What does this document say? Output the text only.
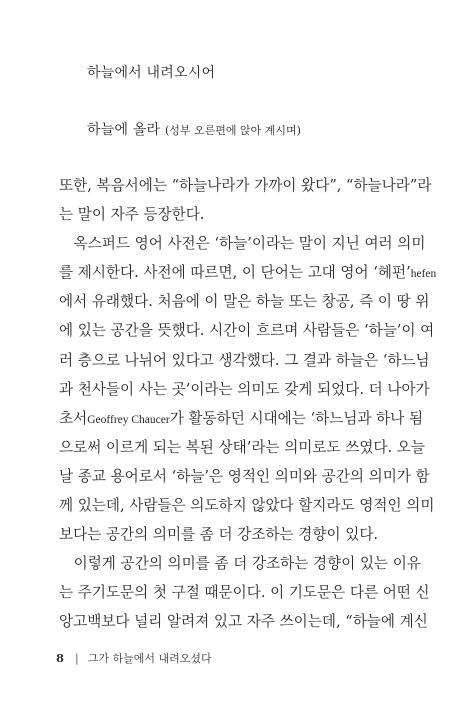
하늘에서 내려오시어
하늘에 올라 (성부 오른편에 앉아 계시며)
또한, 복음서에는 “하늘나라가 가까이 왔다”, “하늘나라”라
는 말이 자주 등장한다.
　옥스퍼드 영어 사전은 ‘하늘’이라는 말이 지닌 여러 의미
를 제시한다. 사전에 따르면, 이 단어는 고대 영어 ‘헤펀’hefen
에서 유래했다. 처음에 이 말은 하늘 또는 창공, 즉 이 땅 위
에 있는 공간을 뜻했다. 시간이 흐르며 사람들은 ‘하늘’이 여
러 층으로 나뉘어 있다고 생각했다. 그 결과 하늘은 ‘하느님
과 천사들이 사는 곳’이라는 의미도 갖게 되었다. 더 나아가
초서Geoffrey Chaucer가 활동하던 시대에는 ‘하느님과 하나 됨
으로써 이르게 되는 복된 상태’라는 의미로도 쓰였다. 오늘
날 종교 용어로서 ‘하늘’은 영적인 의미와 공간의 의미가 함
께 있는데, 사람들은 의도하지 않았다 할지라도 영적인 의미
보다는 공간의 의미를 좀 더 강조하는 경향이 있다.
　이렇게 공간의 의미를 좀 더 강조하는 경향이 있는 이유
는 주기도문의 첫 구절 때문이다. 이 기도문은 다른 어떤 신
앙고백보다 널리 알려져 있고 자주 쓰이는데, “하늘에 계신
8 | 그가 하늘에서 내려오셨다
